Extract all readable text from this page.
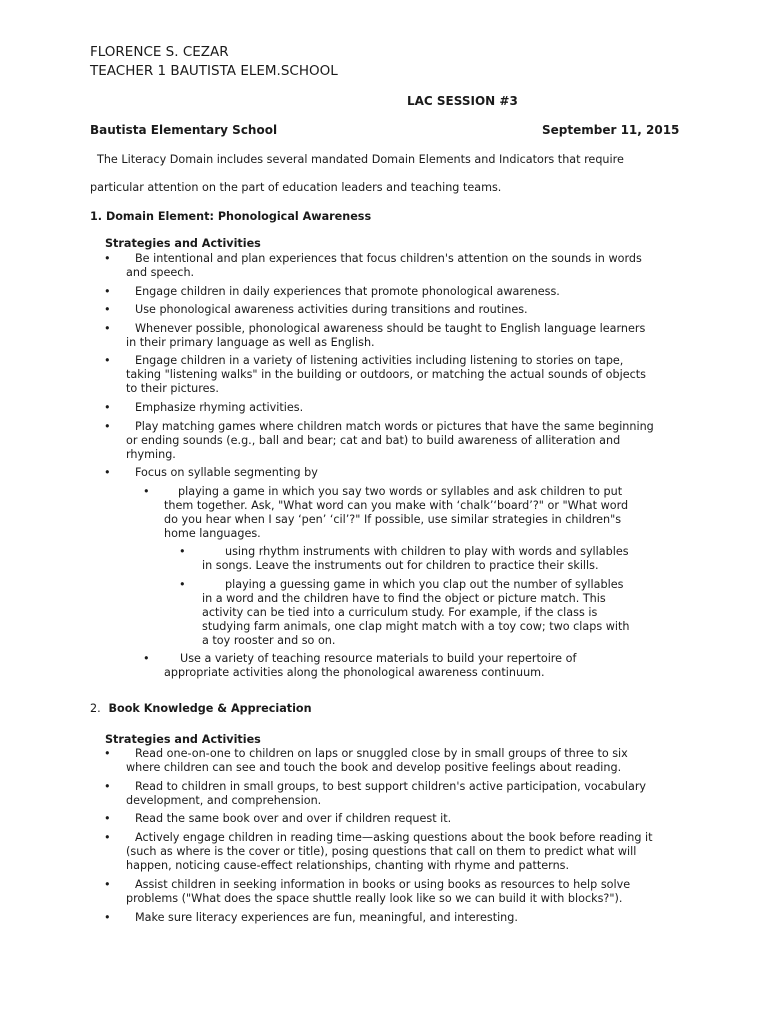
FLORENCE S. CEZAR
TEACHER 1 BAUTISTA ELEM.SCHOOL
LAC SESSION #3
Bautista Elementary School	September 11, 2015
The Literacy Domain includes several mandated Domain Elements and Indicators that require
particular attention on the part of education leaders and teaching teams.
1. Domain Element: Phonological Awareness
Strategies and Activities
•	Be intentional and plan experiences that focus children's attention on the sounds in words
and speech.
•	Engage children in daily experiences that promote phonological awareness.
•	Use phonological awareness activities during transitions and routines.
•	Whenever possible, phonological awareness should be taught to English language learners
in their primary language as well as English.
•	Engage children in a variety of listening activities including listening to stories on tape,
taking "listening walks" in the building or outdoors, or matching the actual sounds of objects
to their pictures.
•	Emphasize rhyming activities.
•	Play matching games where children match words or pictures that have the same beginning
or ending sounds (e.g., ball and bear; cat and bat) to build awareness of alliteration and
rhyming.
•	Focus on syllable segmenting by
•	playing a game in which you say two words or syllables and ask children to put
them together. Ask, "What word can you make with ‘chalk’‘board’?" or "What word
do you hear when I say ‘pen’ ‘cil’?" If possible, use similar strategies in children"s
home languages.
•	using rhythm instruments with children to play with words and syllables
in songs. Leave the instruments out for children to practice their skills.
•	playing a guessing game in which you clap out the number of syllables
in a word and the children have to find the object or picture match. This
activity can be tied into a curriculum study. For example, if the class is
studying farm animals, one clap might match with a toy cow; two claps with
a toy rooster and so on.
•	Use a variety of teaching resource materials to build your repertoire of
appropriate activities along the phonological awareness continuum.
2. Book Knowledge & Appreciation
Strategies and Activities
•	Read one-on-one to children on laps or snuggled close by in small groups of three to six
where children can see and touch the book and develop positive feelings about reading.
•	Read to children in small groups, to best support children's active participation, vocabulary
development, and comprehension.
•	Read the same book over and over if children request it.
•	Actively engage children in reading time—asking questions about the book before reading it
(such as where is the cover or title), posing questions that call on them to predict what will
happen, noticing cause-effect relationships, chanting with rhyme and patterns.
•	Assist children in seeking information in books or using books as resources to help solve
problems ("What does the space shuttle really look like so we can build it with blocks?").
•	Make sure literacy experiences are fun, meaningful, and interesting.
